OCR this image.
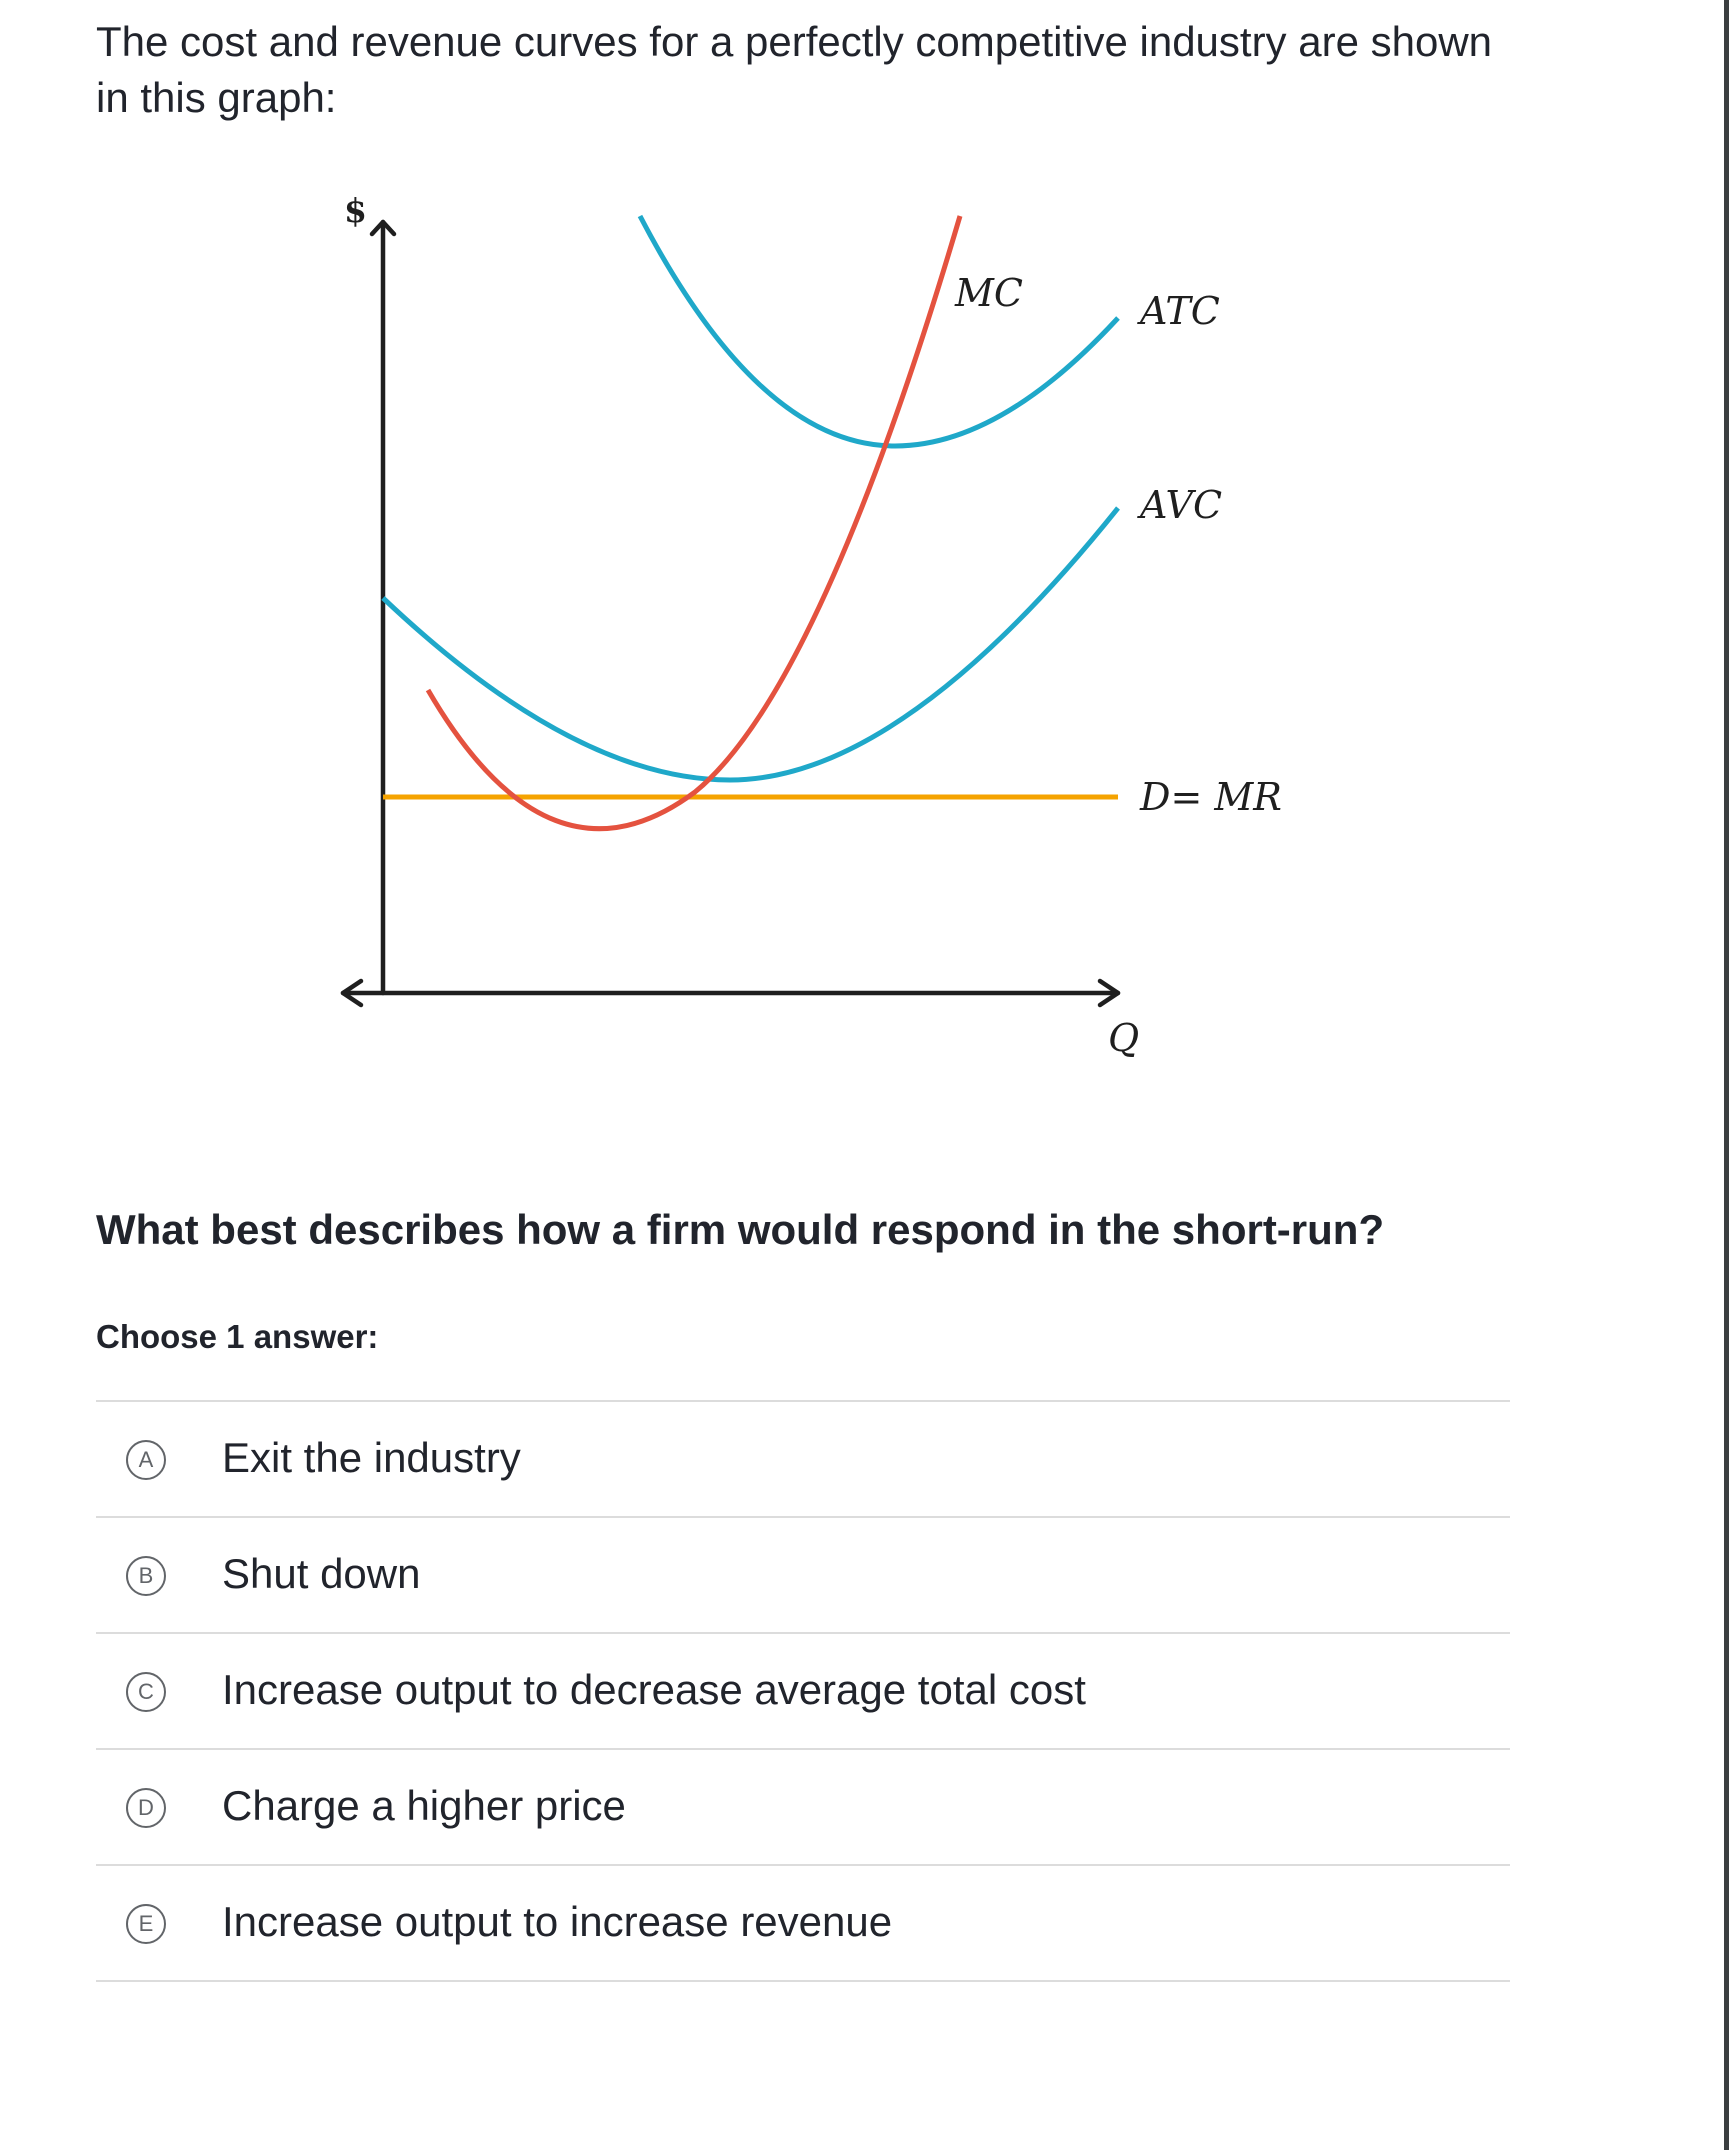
The cost and revenue curves for a perfectly competitive industry are shown in this graph:
$
Q
D= MR
AVC
ATC
MC
What best describes how a firm would respond in the short-run?
Choose 1 answer:
A	Exit the industry
B	Shut down
C Increase output to decrease average total cost
D Charge a higher price
E	Increase output to increase revenue
